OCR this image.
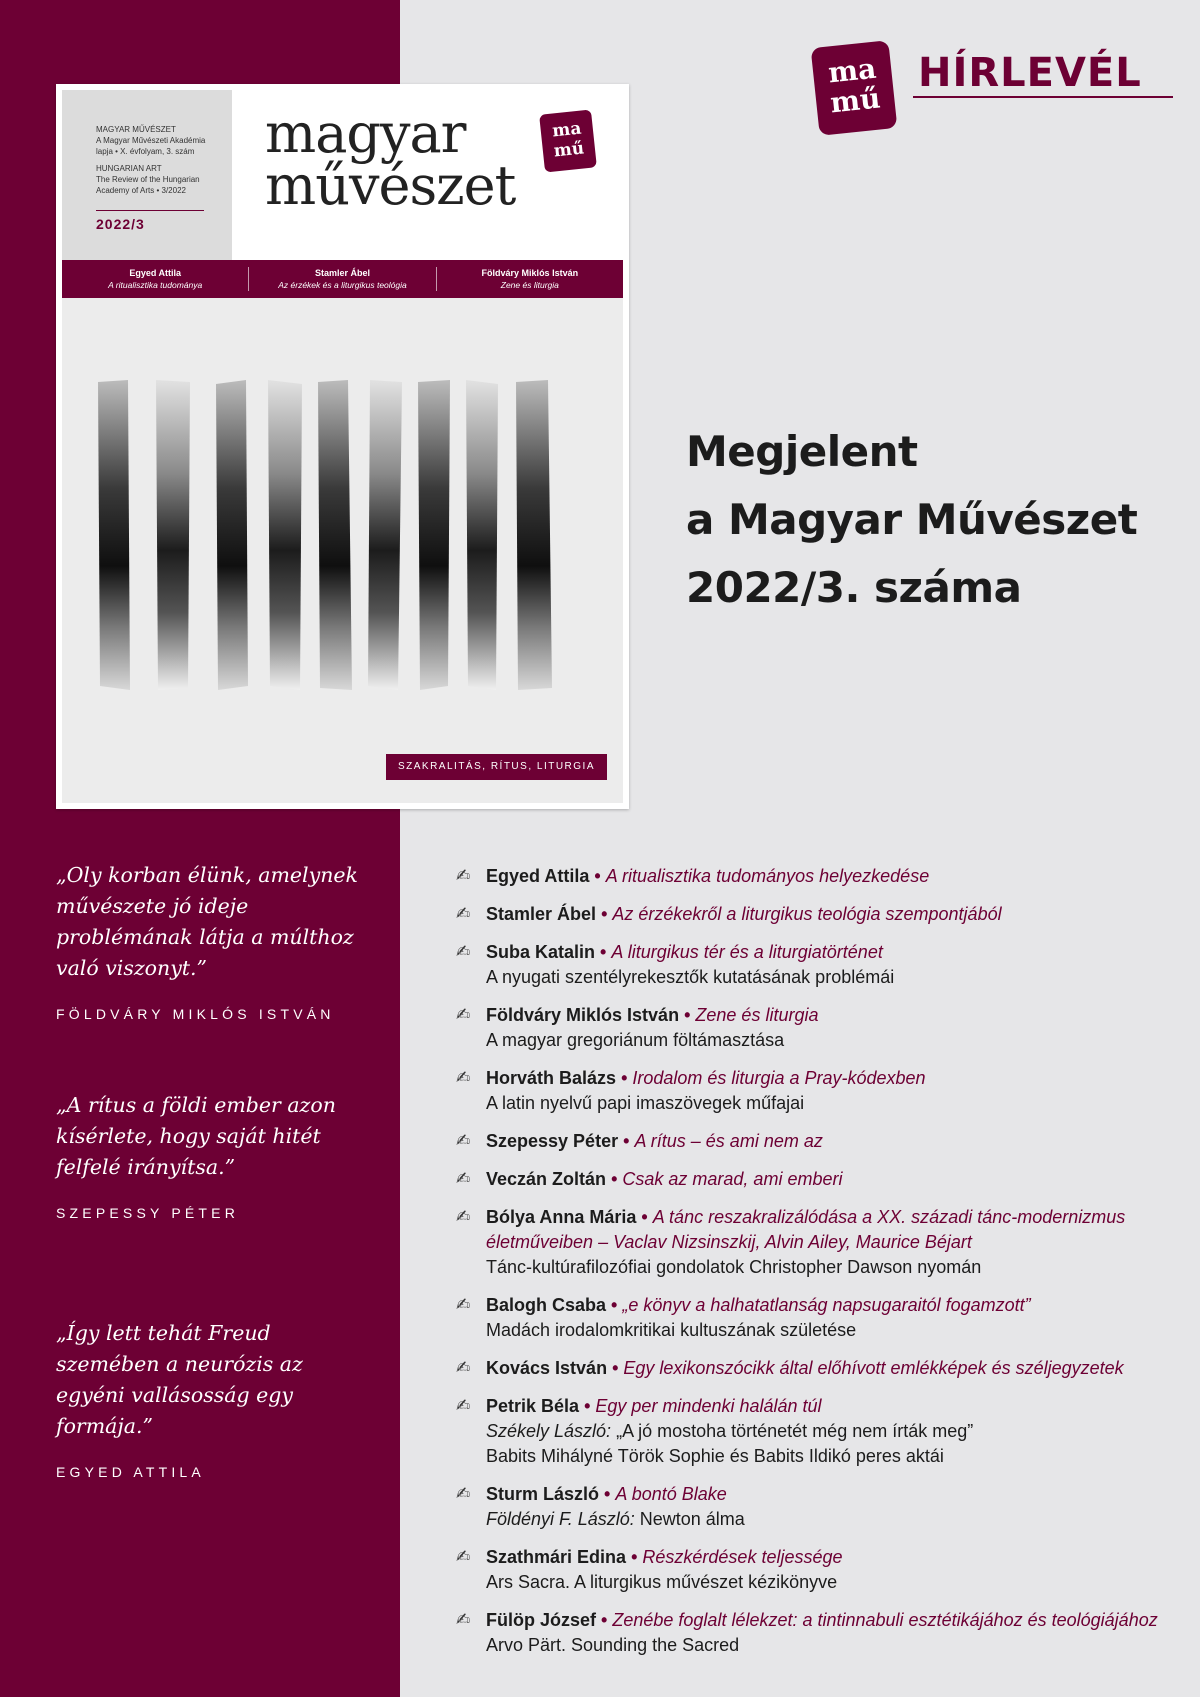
ma
mű
HÍRLEVÉL
MAGYAR MŰVÉSZET
A Magyar Művészeti Akadémia
lapja • X. évfolyam, 3. szám
HUNGARIAN ART
The Review of the Hungarian
Academy of Arts • 3/2022
2022/3
magyar
művészet
ma
mű
Egyed Attila
A ritualisztika tudománya
Stamler Ábel
Az érzékek és a liturgikus teológia
Földváry Miklós István
Zene és liturgia
SZAKRALITÁS, RÍTUS, LITURGIA
Megjelent
a Magyar Művészet
2022/3. száma
„Oly korban élünk, amelynek művészete jó ideje problémának látja a múlthoz való viszonyt.”
FÖLDVÁRY MIKLÓS ISTVÁN
„A rítus a földi ember azon kísérlete, hogy saját hitét felfelé irányítsa.”
SZEPESSY PÉTER
„Így lett tehát Freud szemében a neurózis az egyéni vallásosság egy formája.”
EGYED ATTILA
✍ Egyed Attila • A ritualisztika tudományos helyezkedése
✍ Stamler Ábel • Az érzékekről a liturgikus teológia szempontjából
✍ Suba Katalin • A liturgikus tér és a liturgiatörténet
A nyugati szentélyrekesztők kutatásának problémái
✍ Földváry Miklós István • Zene és liturgia
A magyar gregoriánum föltámasztása
✍ Horváth Balázs • Irodalom és liturgia a Pray-kódexben
A latin nyelvű papi imaszövegek műfajai
✍ Szepessy Péter • A rítus – és ami nem az
✍ Veczán Zoltán • Csak az marad, ami emberi
✍ Bólya Anna Mária • A tánc reszakralizálódása a XX. századi tánc-modernizmus
életműveiben – Vaclav Nizsinszkij, Alvin Ailey, Maurice Béjart
Tánc-kultúrafilozófiai gondolatok Christopher Dawson nyomán
✍ Balogh Csaba • „e könyv a halhatatlanság napsugaraitól fogamzott”
Madách irodalomkritikai kultuszának születése
✍ Kovács István • Egy lexikonszócikk által előhívott emlékképek és széljegyzetek
✍ Petrik Béla • Egy per mindenki halálán túl
Székely László: „A jó mostoha történetét még nem írták meg”
Babits Mihályné Török Sophie és Babits Ildikó peres aktái
✍ Sturm László • A bontó Blake
Földényi F. László: Newton álma
✍ Szathmári Edina • Részkérdések teljessége
Ars Sacra. A liturgikus művészet kézikönyve
✍ Fülöp József • Zenébe foglalt lélekzet: a tintinnabuli esztétikájához és teológiájához
Arvo Pärt. Sounding the Sacred
